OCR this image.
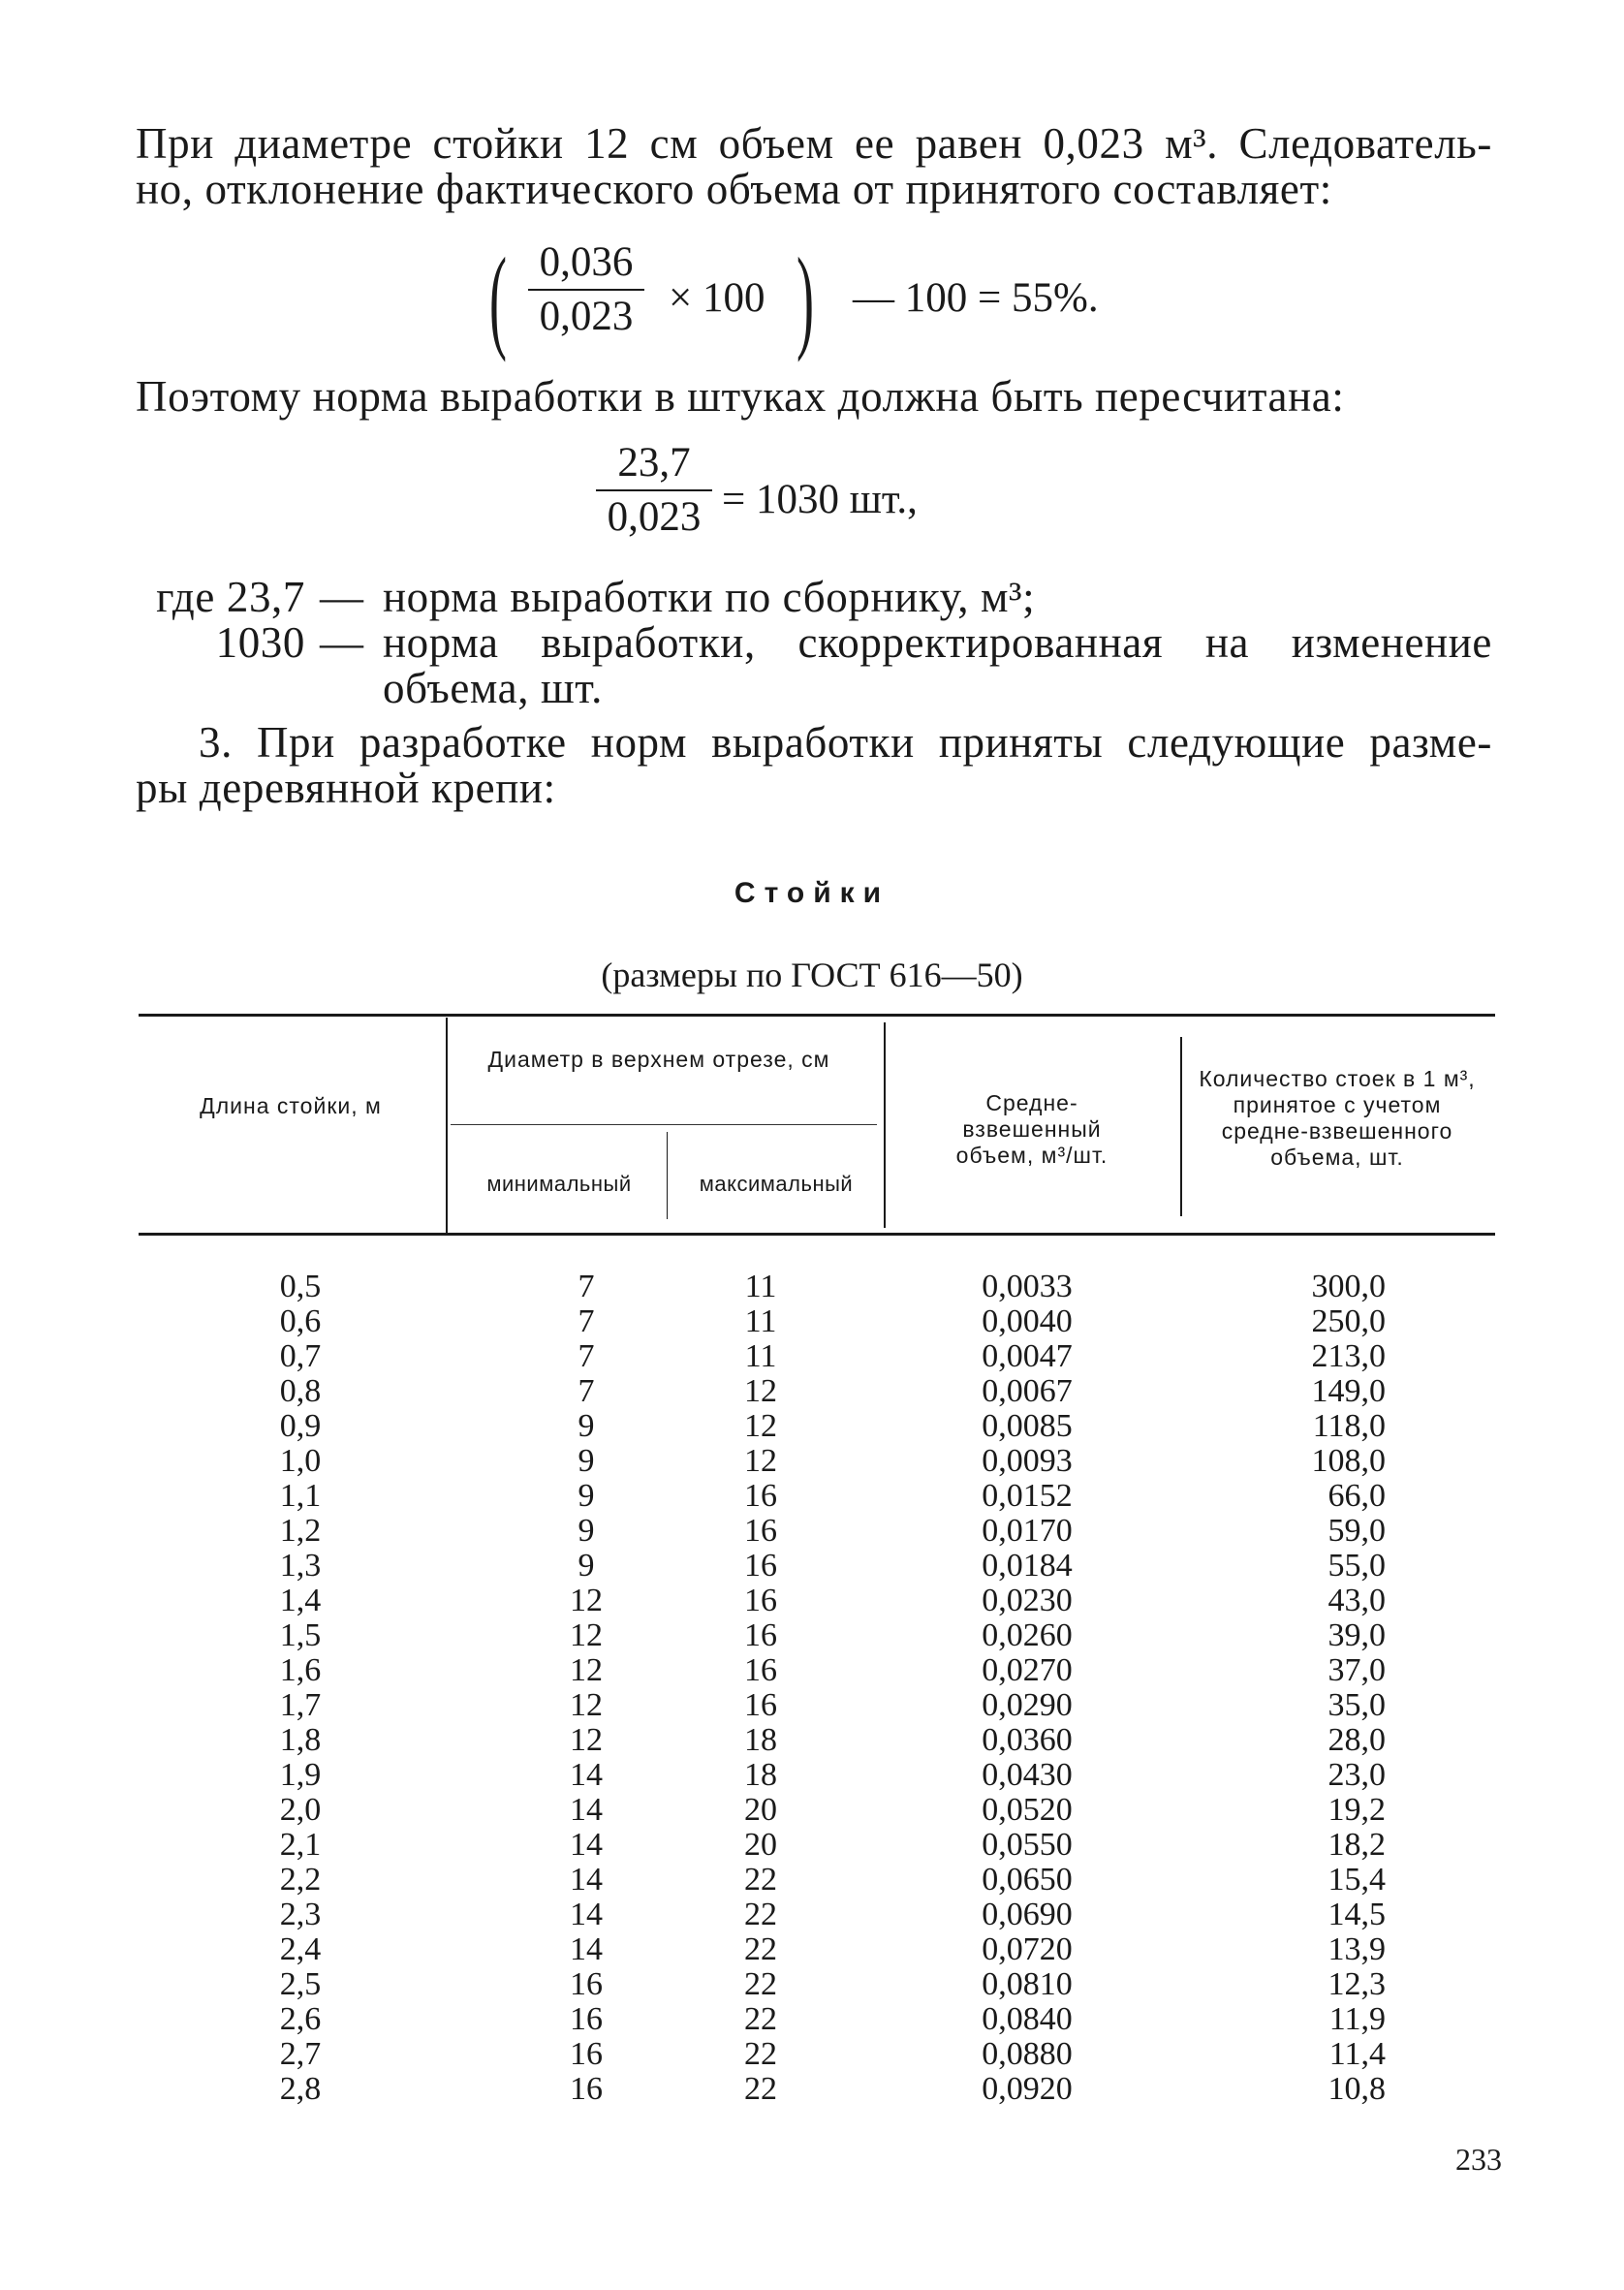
При диаметре стойки 12 см объем ее равен 0,023 м³. Следователь-

но, отклонение фактического объема от принятого составляет:

( 0,036
0,023 × 100 ) — 100 = 55%.

Поэтому норма выработки в штуках должна быть пересчитана:

23,7
0,023 = 1030 шт.,
где 23,7 — норма выработки по сборнику, м³;
1030 — норма выработки, скорректированная на изменение
объема, шт.

3. При разработке норм выработки приняты следующие разме-

ры деревянной крепи:

Стойки
(размеры по ГОСТ 616—50)
Длина стойки, м
Диаметр в верхнем отрезе, см
минимальный	максимальный
Средне-взвешенный объем, м³/шт.
Количество стоек в 1 м³, принятое с учетом средне-взвешенного объема, шт.
0,5	7	11	0,0033	300,0
0,6	7	11	0,0040	250,0
0,7	7	11	0,0047	213,0
0,8	7	12	0,0067	149,0
0,9	9	12	0,0085	118,0
1,0	9	12	0,0093	108,0
1,1	9	16	0,0152	66,0
1,2	9	16	0,0170	59,0
1,3	9	16	0,0184	55,0
1,4	12	16	0,0230	43,0
1,5	12	16	0,0260	39,0
1,6	12	16	0,0270	37,0
1,7	12	16	0,0290	35,0
1,8	12	18	0,0360	28,0
1,9	14	18	0,0430	23,0
2,0	14	20	0,0520	19,2
2,1	14	20	0,0550	18,2
2,2	14	22	0,0650	15,4
2,3	14	22	0,0690	14,5
2,4	14	22	0,0720	13,9
2,5	16	22	0,0810	12,3
2,6	16	22	0,0840	11,9
2,7	16	22	0,0880	11,4
2,8	16	22	0,0920	10,8
233
